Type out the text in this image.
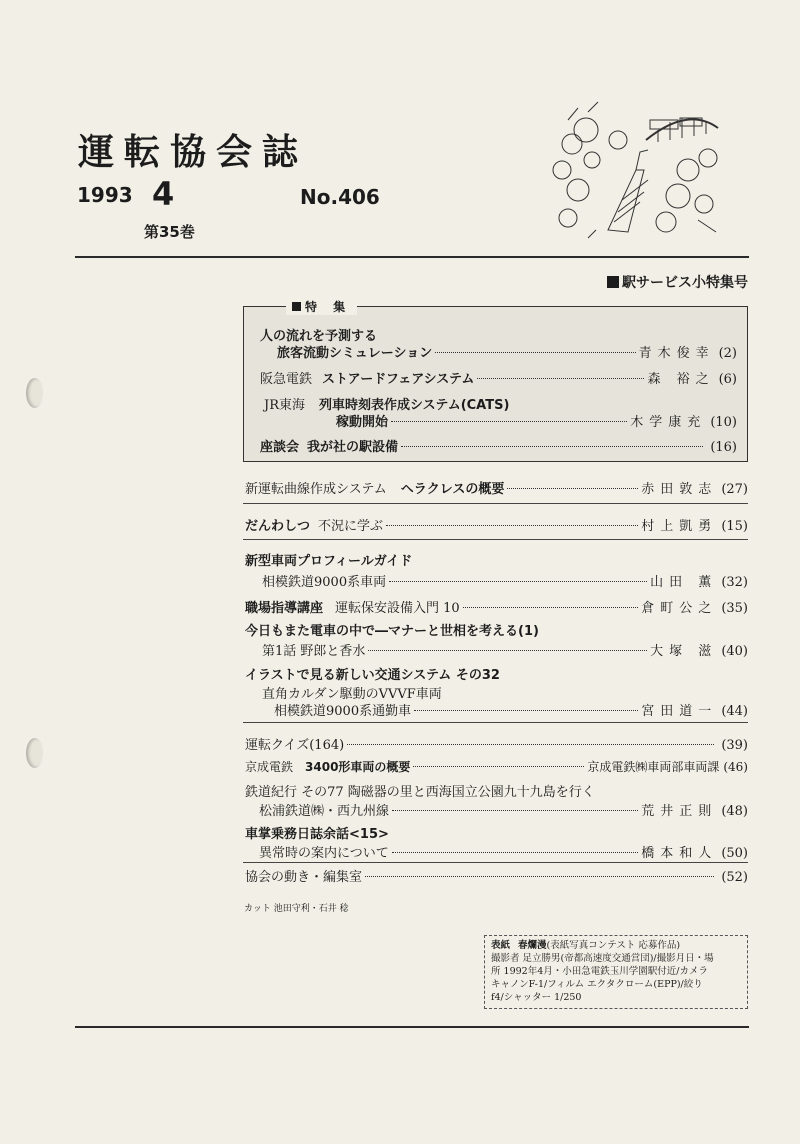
運転協会誌
1993 4
第35巻
No.406
駅サービス小特集号
特 集
人の流れを予測する
旅客流動シミュレーション	青木俊幸 (2)
阪急電鉄 ストアードフェアシステム	森 裕之 (6)
JR東海 列車時刻表作成システム(CATS)
稼動開始	木学康充 (10)
座談会 我が社の駅設備	(16)
新運転曲線作成システム ヘラクレスの概要	赤田敦志 (27)
だんわしつ 不況に学ぶ	村上凱勇 (15)
新型車両プロフィールガイド
相模鉄道9000系車両	山田 薫 (32)
職場指導講座 運転保安設備入門 10	倉町公之 (35)
今日もまた電車の中で―マナーと世相を考える(1)
第1話 野郎と香水	大塚 滋 (40)
イラストで見る新しい交通システム その32
直角カルダン駆動のVVVF車両
相模鉄道9000系通勤車	宮田道一 (44)
運転クイズ(164)	(39)
京成電鉄 3400形車両の概要	京成電鉄㈱車両部車両課 (46)
鉄道紀行 その77 陶磁器の里と西海国立公園九十九島を行く
松浦鉄道㈱・西九州線	荒井正則 (48)
車掌乗務日誌余話<15>
異常時の案内について	橋本和人 (50)
協会の動き・編集室	(52)
カット 池田守利・石井 稔
表紙 春爛漫(表紙写真コンテスト 応募作品)
撮影者 足立勝男(帝都高速度交通営団)/撮影月日・場
所 1992年4月・小田急電鉄玉川学園駅付近/カメラ
キャノンF-1/フィルム エクタクローム(EPP)/絞り
f4/シャッター 1/250
